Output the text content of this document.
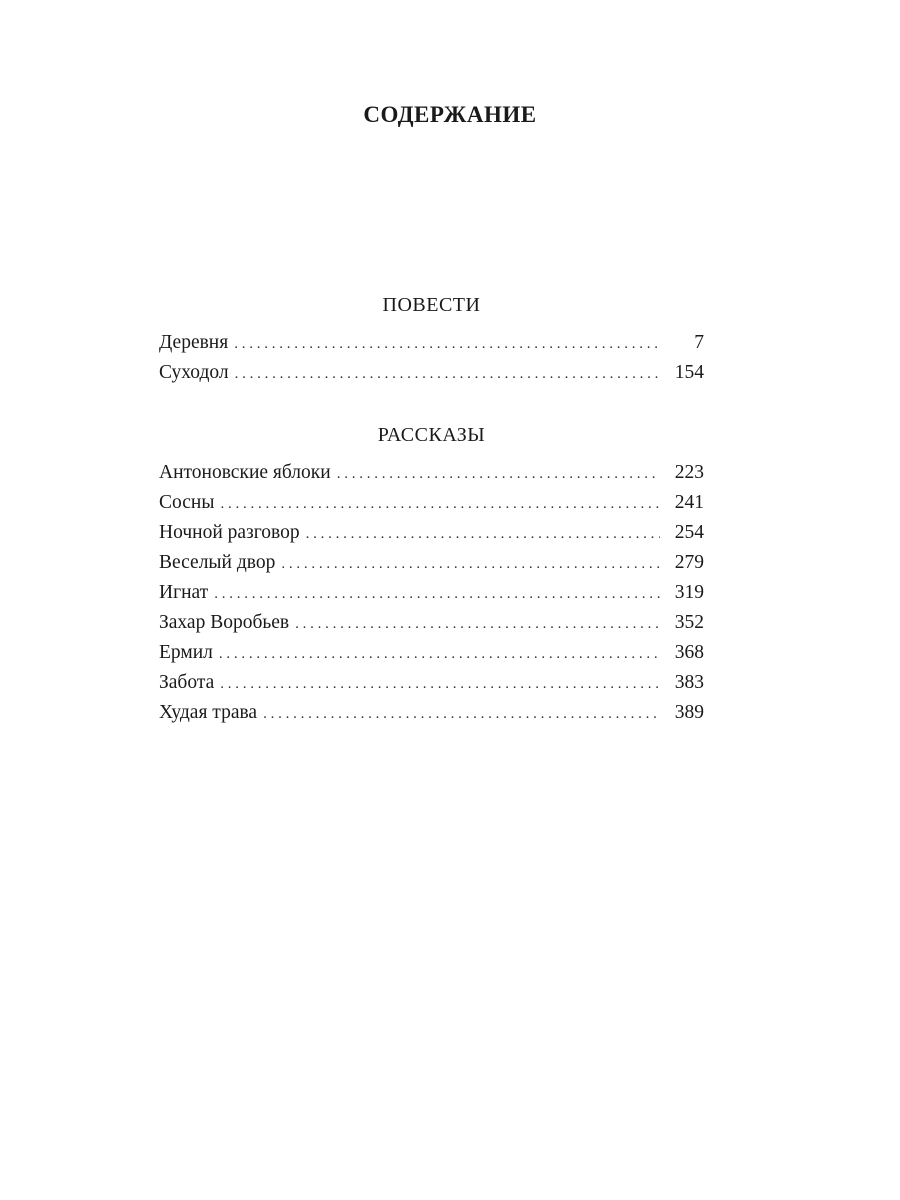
СОДЕРЖАНИЕ
ПОВЕСТИ
Деревня . . .	7
Суходол . . .	154
РАССКАЗЫ
Антоновские яблоки . . .	223
Сосны . . .	241
Ночной разговор . . .	254
Веселый двор . . .	279
Игнат . . .	319
Захар Воробьев . . .	352
Ермил . . .	368
Забота . . .	383
Худая трава . . .	389
